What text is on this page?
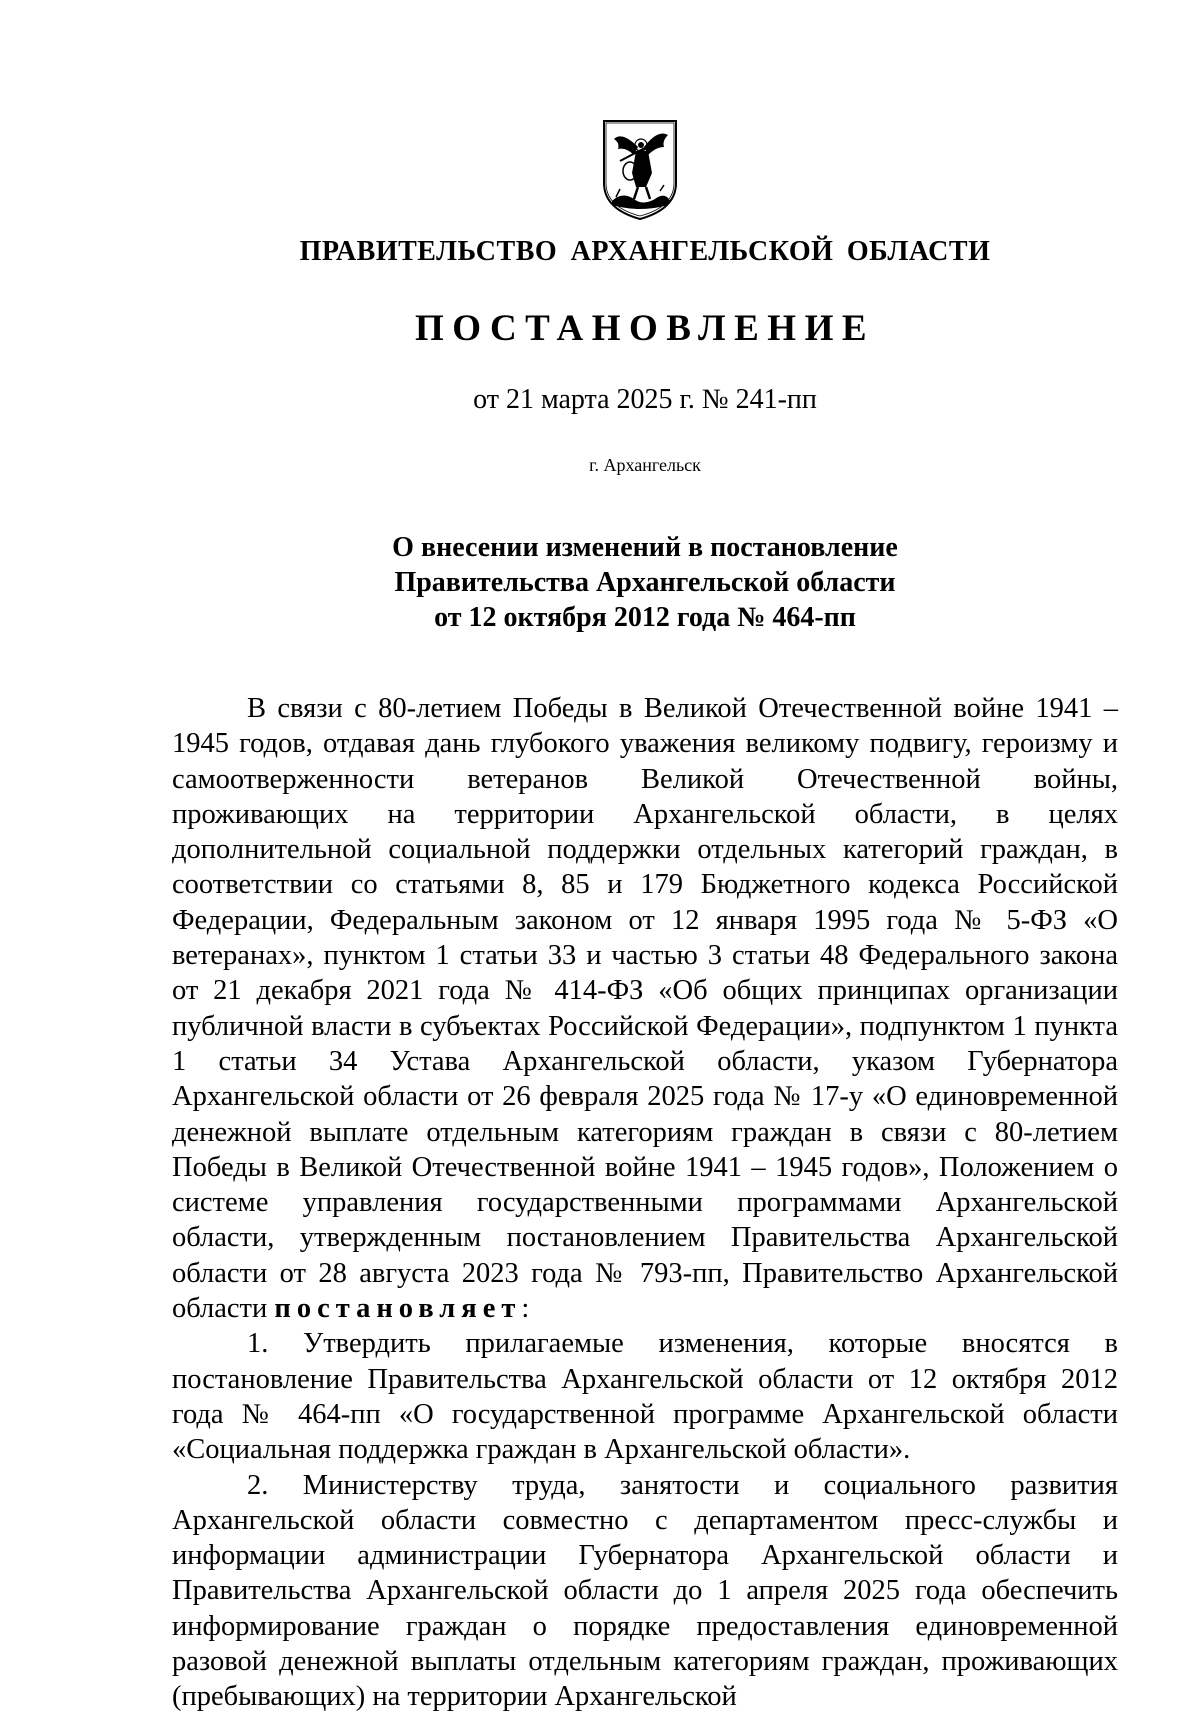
ПРАВИТЕЛЬСТВО АРХАНГЕЛЬСКОЙ ОБЛАСТИ
ПОСТАНОВЛЕНИЕ
от 21 марта 2025 г. № 241-пп
г. Архангельск
О внесении изменений в постановление
Правительства Архангельской области
от 12 октября 2012 года № 464-пп

В связи с 80-летием Победы в Великой Отечественной войне 1941 – 1945 годов, отдавая дань глубокого уважения великому подвигу, героизму и самоотверженности ветеранов Великой Отечественной войны, проживающих на территории Архангельской области, в целях дополнительной социальной поддержки отдельных категорий граждан, в соответствии со статьями 8, 85 и 179 Бюджетного кодекса Российской Федерации, Федеральным законом от 12 января 1995 года № 5-ФЗ «О ветеранах», пунктом 1 статьи 33 и частью 3 статьи 48 Федерального закона от 21 декабря 2021 года № 414-ФЗ «Об общих принципах организации публичной власти в субъектах Российской Федерации», подпунктом 1 пункта 1 статьи 34 Устава Архангельской области, указом Губернатора Архангельской области от 26 февраля 2025 года № 17-у «О единовременной денежной выплате отдельным категориям граждан в связи с 80-летием Победы в Великой Отечественной войне 1941 – 1945 годов», Положением о системе управления государственными программами Архангельской области, утвержденным постановлением Правительства Архангельской области от 28 августа 2023 года № 793-пп, Правительство Архангельской области постановляет:

1. Утвердить прилагаемые изменения, которые вносятся в постановление Правительства Архангельской области от 12 октября 2012 года № 464-пп «О государственной программе Архангельской области «Социальная поддержка граждан в Архангельской области».

2. Министерству труда, занятости и социального развития Архангельской области совместно с департаментом пресс-службы и информации администрации Губернатора Архангельской области и Правительства Архангельской области до 1 апреля 2025 года обеспечить информирование граждан о порядке предоставления единовременной разовой денежной выплаты отдельным категориям граждан, проживающих (пребывающих) на территории Архангельской
